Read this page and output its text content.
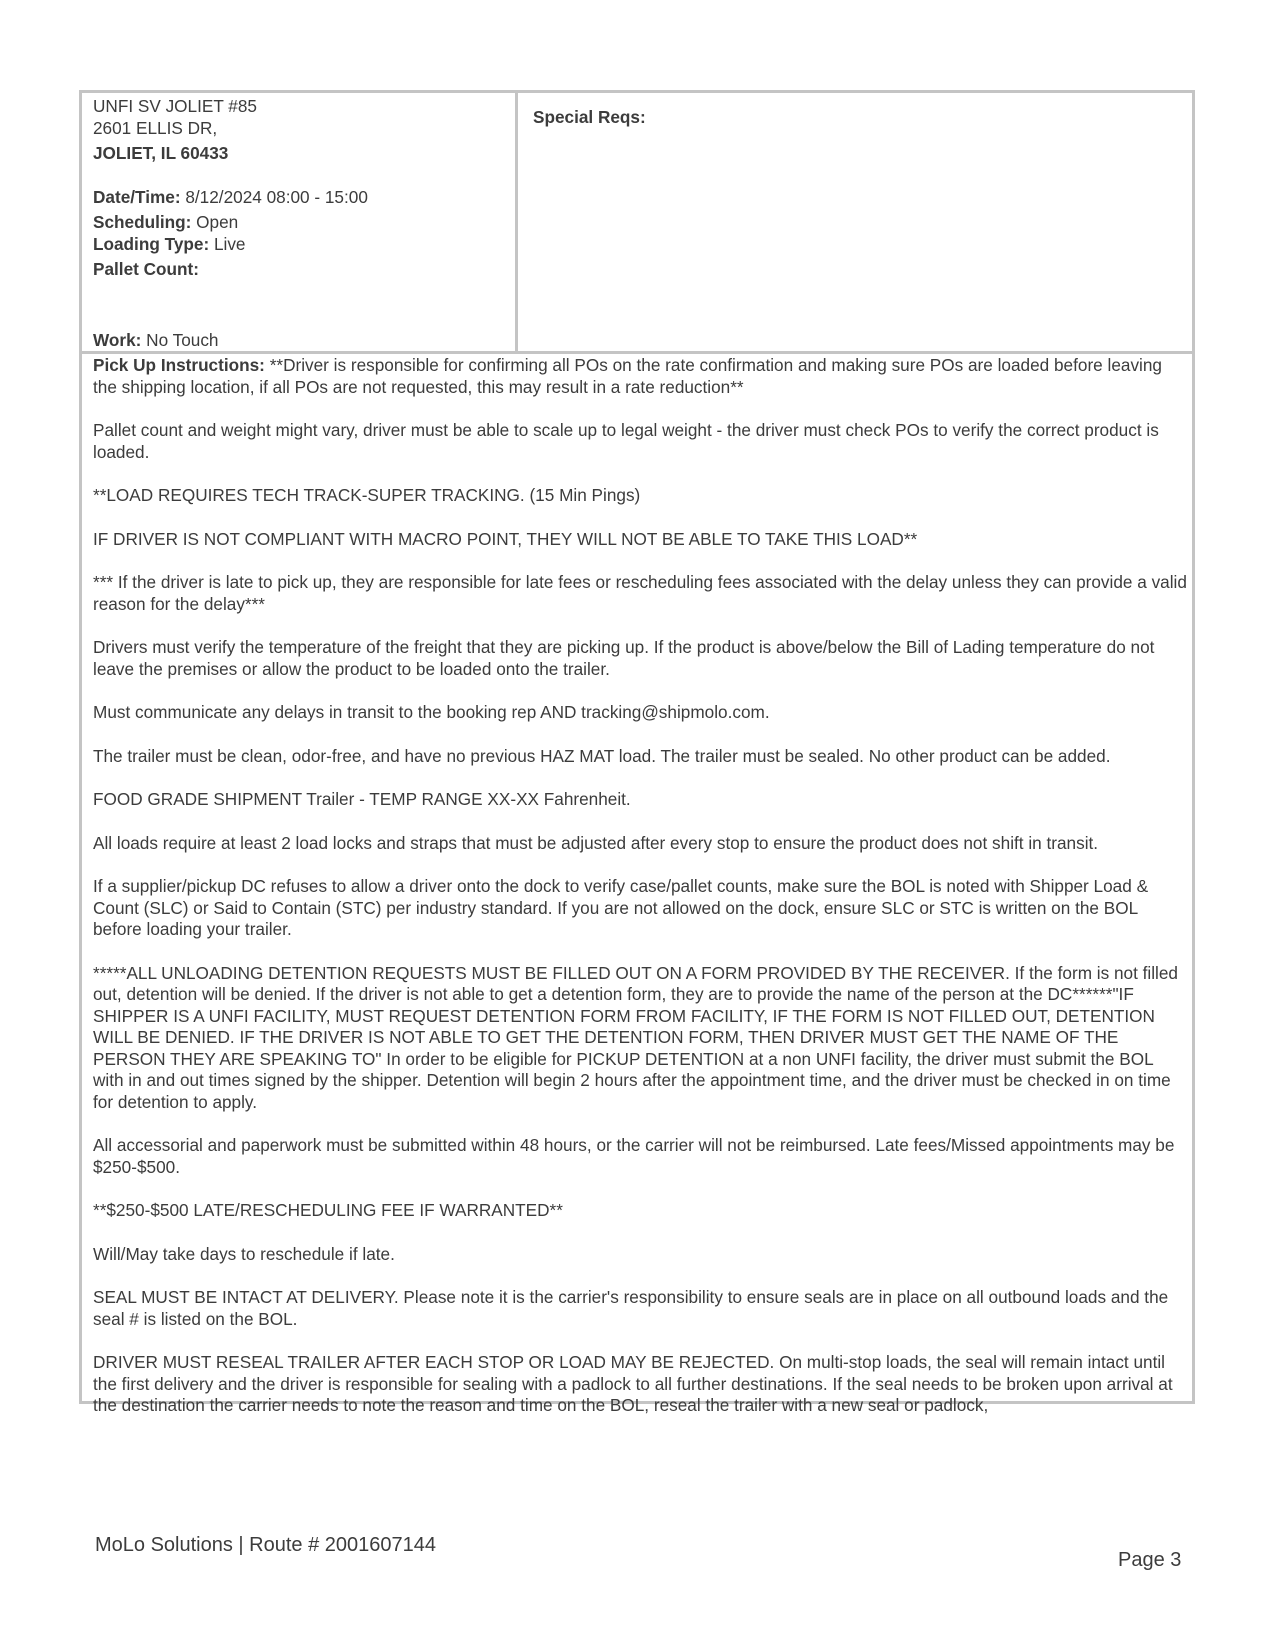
UNFI SV JOLIET #85
2601 ELLIS DR,
JOLIET, IL 60433
Date/Time: 8/12/2024 08:00 - 15:00
Scheduling: Open
Loading Type: Live
Pallet Count:
Work: No Touch
Special Reqs:

Pick Up Instructions: **Driver is responsible for confirming all POs on the rate confirmation and making sure POs are loaded before leaving the shipping location, if all POs are not requested, this may result in a rate reduction**

Pallet count and weight might vary, driver must be able to scale up to legal weight - the driver must check POs to verify the correct product is loaded.

**LOAD REQUIRES TECH TRACK-SUPER TRACKING. (15 Min Pings)

IF DRIVER IS NOT COMPLIANT WITH MACRO POINT, THEY WILL NOT BE ABLE TO TAKE THIS LOAD**

*** If the driver is late to pick up, they are responsible for late fees or rescheduling fees associated with the delay unless they can provide a valid reason for the delay***

Drivers must verify the temperature of the freight that they are picking up. If the product is above/below the Bill of Lading temperature do not leave the premises or allow the product to be loaded onto the trailer.

Must communicate any delays in transit to the booking rep AND tracking@shipmolo.com.

The trailer must be clean, odor-free, and have no previous HAZ MAT load. The trailer must be sealed. No other product can be added.

FOOD GRADE SHIPMENT Trailer - TEMP RANGE XX-XX Fahrenheit.

All loads require at least 2 load locks and straps that must be adjusted after every stop to ensure the product does not shift in transit.

If a supplier/pickup DC refuses to allow a driver onto the dock to verify case/pallet counts, make sure the BOL is noted with Shipper Load & Count (SLC) or Said to Contain (STC) per industry standard. If you are not allowed on the dock, ensure SLC or STC is written on the BOL before loading your trailer.

*****ALL UNLOADING DETENTION REQUESTS MUST BE FILLED OUT ON A FORM PROVIDED BY THE RECEIVER. If the form is not filled out, detention will be denied. If the driver is not able to get a detention form, they are to provide the name of the person at the DC******"IF SHIPPER IS A UNFI FACILITY, MUST REQUEST DETENTION FORM FROM FACILITY, IF THE FORM IS NOT FILLED OUT, DETENTION WILL BE DENIED. IF THE DRIVER IS NOT ABLE TO GET THE DETENTION FORM, THEN DRIVER MUST GET THE NAME OF THE PERSON THEY ARE SPEAKING TO" In order to be eligible for PICKUP DETENTION at a non UNFI facility, the driver must submit the BOL with in and out times signed by the shipper. Detention will begin 2 hours after the appointment time, and the driver must be checked in on time for detention to apply.

All accessorial and paperwork must be submitted within 48 hours, or the carrier will not be reimbursed. Late fees/Missed appointments may be $250-$500.

**$250-$500 LATE/RESCHEDULING FEE IF WARRANTED**

Will/May take days to reschedule if late.

SEAL MUST BE INTACT AT DELIVERY. Please note it is the carrier's responsibility to ensure seals are in place on all outbound loads and the seal # is listed on the BOL.

DRIVER MUST RESEAL TRAILER AFTER EACH STOP OR LOAD MAY BE REJECTED. On multi-stop loads, the seal will remain intact until the first delivery and the driver is responsible for sealing with a padlock to all further destinations. If the seal needs to be broken upon arrival at the destination the carrier needs to note the reason and time on the BOL, reseal the trailer with a new seal or padlock,

MoLo Solutions | Route # 2001607144
Page 3
